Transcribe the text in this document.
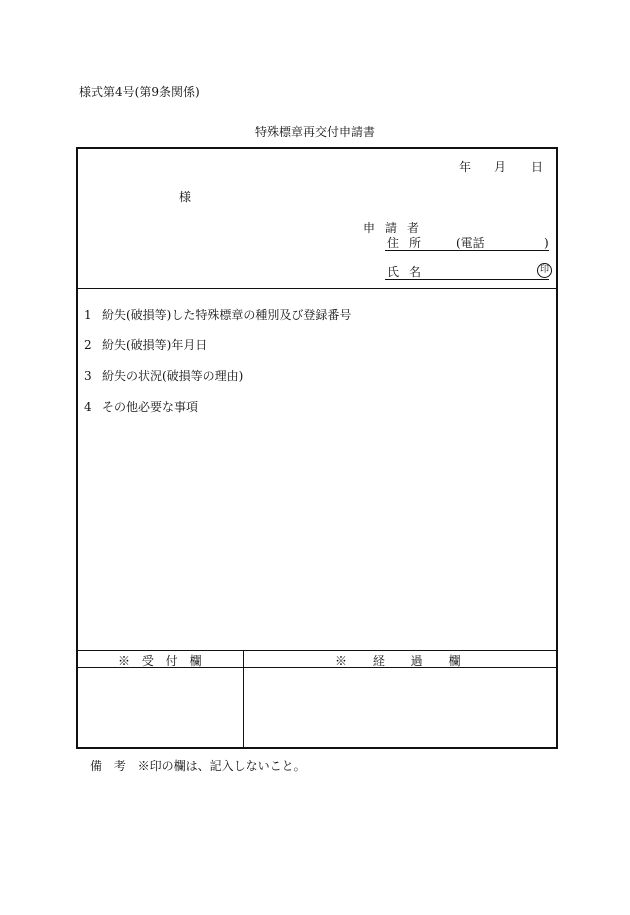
様式第4号(第9条関係)
特殊標章再交付申請書
年 月 日
様
申請者
住所 (電話	)
氏名	印
1 紛失(破損等)した特殊標章の種別及び登録番号
2 紛失(破損等)年月日
3 紛失の状況(破損等の理由)
4 その他必要な事項
※ 受 付 欄	※ 経 過 欄
備 考 ※印の欄は、記入しないこと。
